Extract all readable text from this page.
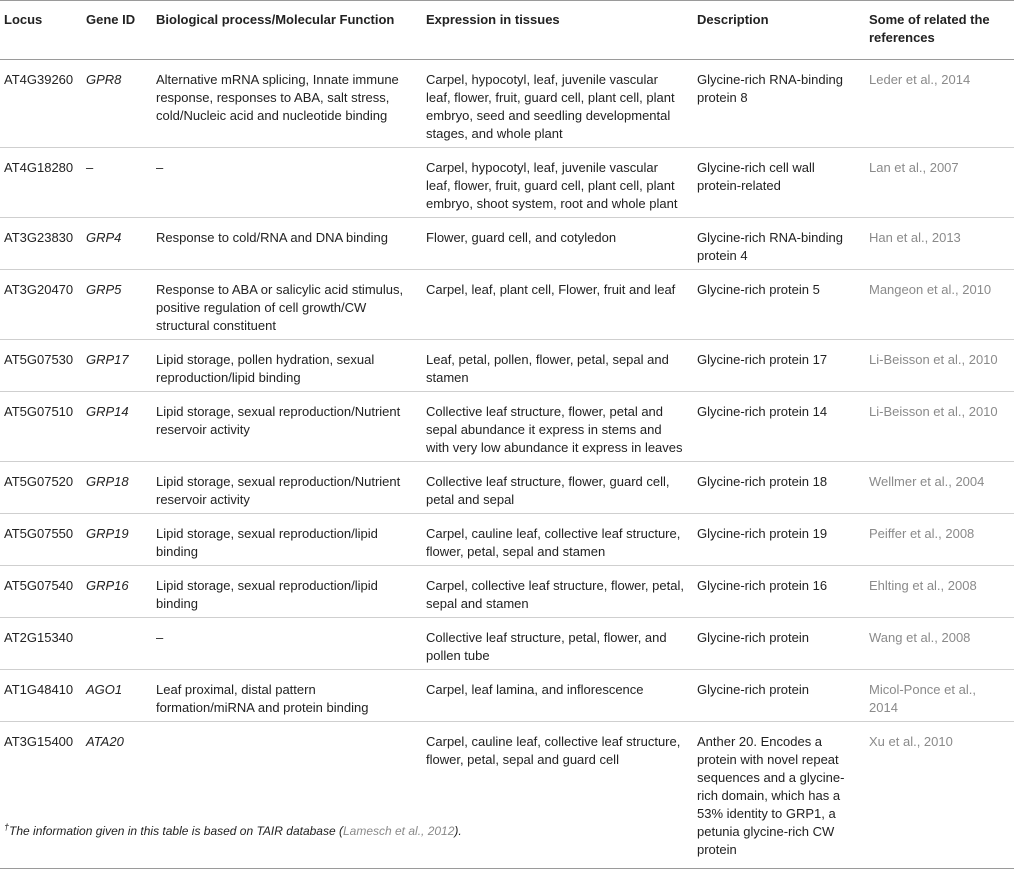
Locus	Gene ID	Biological process/Molecular Function	Expression in tissues	Description	Some of related the references
AT4G39260	GPR8	Alternative mRNA splicing, Innate immune response, responses to ABA, salt stress, cold/Nucleic acid and nucleotide binding	Carpel, hypocotyl, leaf, juvenile vascular leaf, flower, fruit, guard cell, plant cell, plant embryo, seed and seedling developmental stages, and whole plant	Glycine-rich RNA-binding protein 8	Leder et al., 2014
AT4G18280	–	–	Carpel, hypocotyl, leaf, juvenile vascular leaf, flower, fruit, guard cell, plant cell, plant embryo, shoot system, root and whole plant	Glycine-rich cell wall protein-related	Lan et al., 2007
AT3G23830	GRP4	Response to cold/RNA and DNA binding	Flower, guard cell, and cotyledon	Glycine-rich RNA-binding protein 4	Han et al., 2013
AT3G20470	GRP5	Response to ABA or salicylic acid stimulus, positive regulation of cell growth/CW structural constituent	Carpel, leaf, plant cell, Flower, fruit and leaf	Glycine-rich protein 5	Mangeon et al., 2010
AT5G07530	GRP17	Lipid storage, pollen hydration, sexual reproduction/lipid binding	Leaf, petal, pollen, flower, petal, sepal and stamen	Glycine-rich protein 17	Li-Beisson et al., 2010
AT5G07510	GRP14	Lipid storage, sexual reproduction/Nutrient reservoir activity	Collective leaf structure, flower, petal and sepal abundance it express in stems and with very low abundance it express in leaves	Glycine-rich protein 14	Li-Beisson et al., 2010
AT5G07520	GRP18	Lipid storage, sexual reproduction/Nutrient reservoir activity	Collective leaf structure, flower, guard cell, petal and sepal	Glycine-rich protein 18	Wellmer et al., 2004
AT5G07550	GRP19	Lipid storage, sexual reproduction/lipid binding	Carpel, cauline leaf, collective leaf structure, flower, petal, sepal and stamen	Glycine-rich protein 19	Peiffer et al., 2008
AT5G07540	GRP16	Lipid storage, sexual reproduction/lipid binding	Carpel, collective leaf structure, flower, petal, sepal and stamen	Glycine-rich protein 16	Ehlting et al., 2008
AT2G15340		–	Collective leaf structure, petal, flower, and pollen tube	Glycine-rich protein	Wang et al., 2008
AT1G48410	AGO1	Leaf proximal, distal pattern formation/miRNA and protein binding	Carpel, leaf lamina, and inflorescence	Glycine-rich protein	Micol-Ponce et al., 2014
AT3G15400	ATA20		Carpel, cauline leaf, collective leaf structure, flower, petal, sepal and guard cell	Anther 20. Encodes a protein with novel repeat sequences and a glycine-rich domain, which has a 53% identity to GRP1, a petunia glycine-rich CW protein	Xu et al., 2010
†The information given in this table is based on TAIR database (Lamesch et al., 2012).
